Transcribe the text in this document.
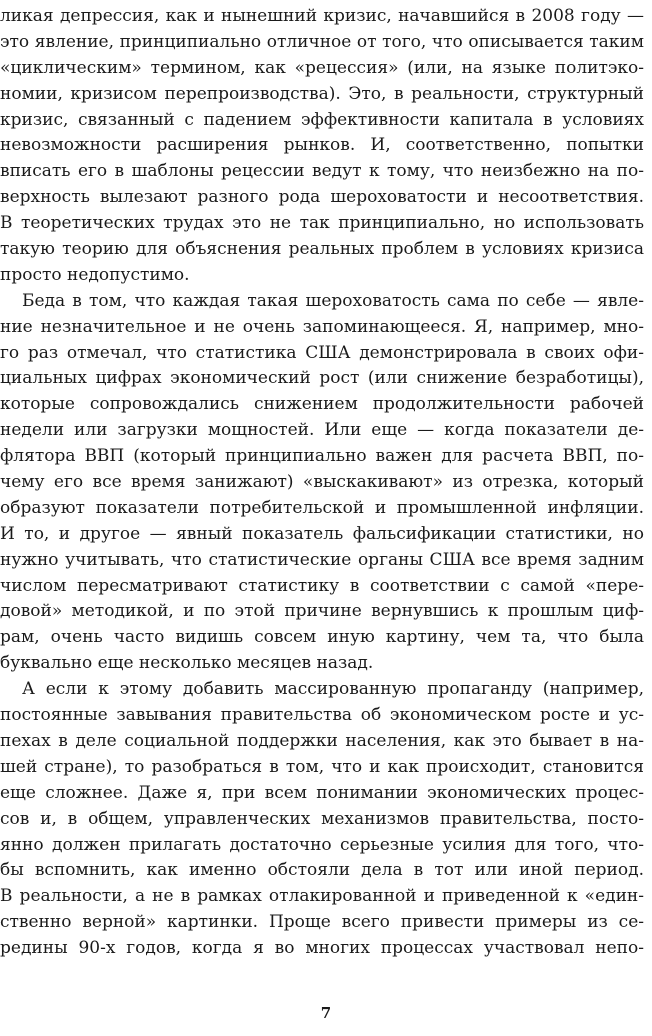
ликая депрессия, как и нынешний кризис, начавшийся в 2008 году —
это явление, принципиально отличное от того, что описывается таким
«циклическим» термином, как «рецессия» (или, на языке политэко-
номии, кризисом перепроизводства). Это, в реальности, структурный
кризис, связанный с падением эффективности капитала в условиях
невозможности расширения рынков. И, соответственно, попытки
вписать его в шаблоны рецессии ведут к тому, что неизбежно на по-
верхность вылезают разного рода шероховатости и несоответствия.
В теоретических трудах это не так принципиально, но использовать
такую теорию для объяснения реальных проблем в условиях кризиса
просто недопустимо.
Беда в том, что каждая такая шероховатость сама по себе — явле-
ние незначительное и не очень запоминающееся. Я, например, мно-
го раз отмечал, что статистика США демонстрировала в своих офи-
циальных цифрах экономический рост (или снижение безработицы),
которые сопровождались снижением продолжительности рабочей
недели или загрузки мощностей. Или еще — когда показатели де-
флятора ВВП (который принципиально важен для расчета ВВП, по-
чему его все время занижают) «выскакивают» из отрезка, который
образуют показатели потребительской и промышленной инфляции.
И то, и другое — явный показатель фальсификации статистики, но
нужно учитывать, что статистические органы США все время задним
числом пересматривают статистику в соответствии с самой «пере-
довой» методикой, и по этой причине вернувшись к прошлым циф-
рам, очень часто видишь совсем иную картину, чем та, что была
буквально еще несколько месяцев назад.
А если к этому добавить массированную пропаганду (например,
постоянные завывания правительства об экономическом росте и ус-
пехах в деле социальной поддержки населения, как это бывает в на-
шей стране), то разобраться в том, что и как происходит, становится
еще сложнее. Даже я, при всем понимании экономических процес-
сов и, в общем, управленческих механизмов правительства, посто-
янно должен прилагать достаточно серьезные усилия для того, что-
бы вспомнить, как именно обстояли дела в тот или иной период.
В реальности, а не в рамках отлакированной и приведенной к «един-
ственно верной» картинки. Проще всего привести примеры из се-
редины 90-х годов, когда я во многих процессах участвовал непо-
7
